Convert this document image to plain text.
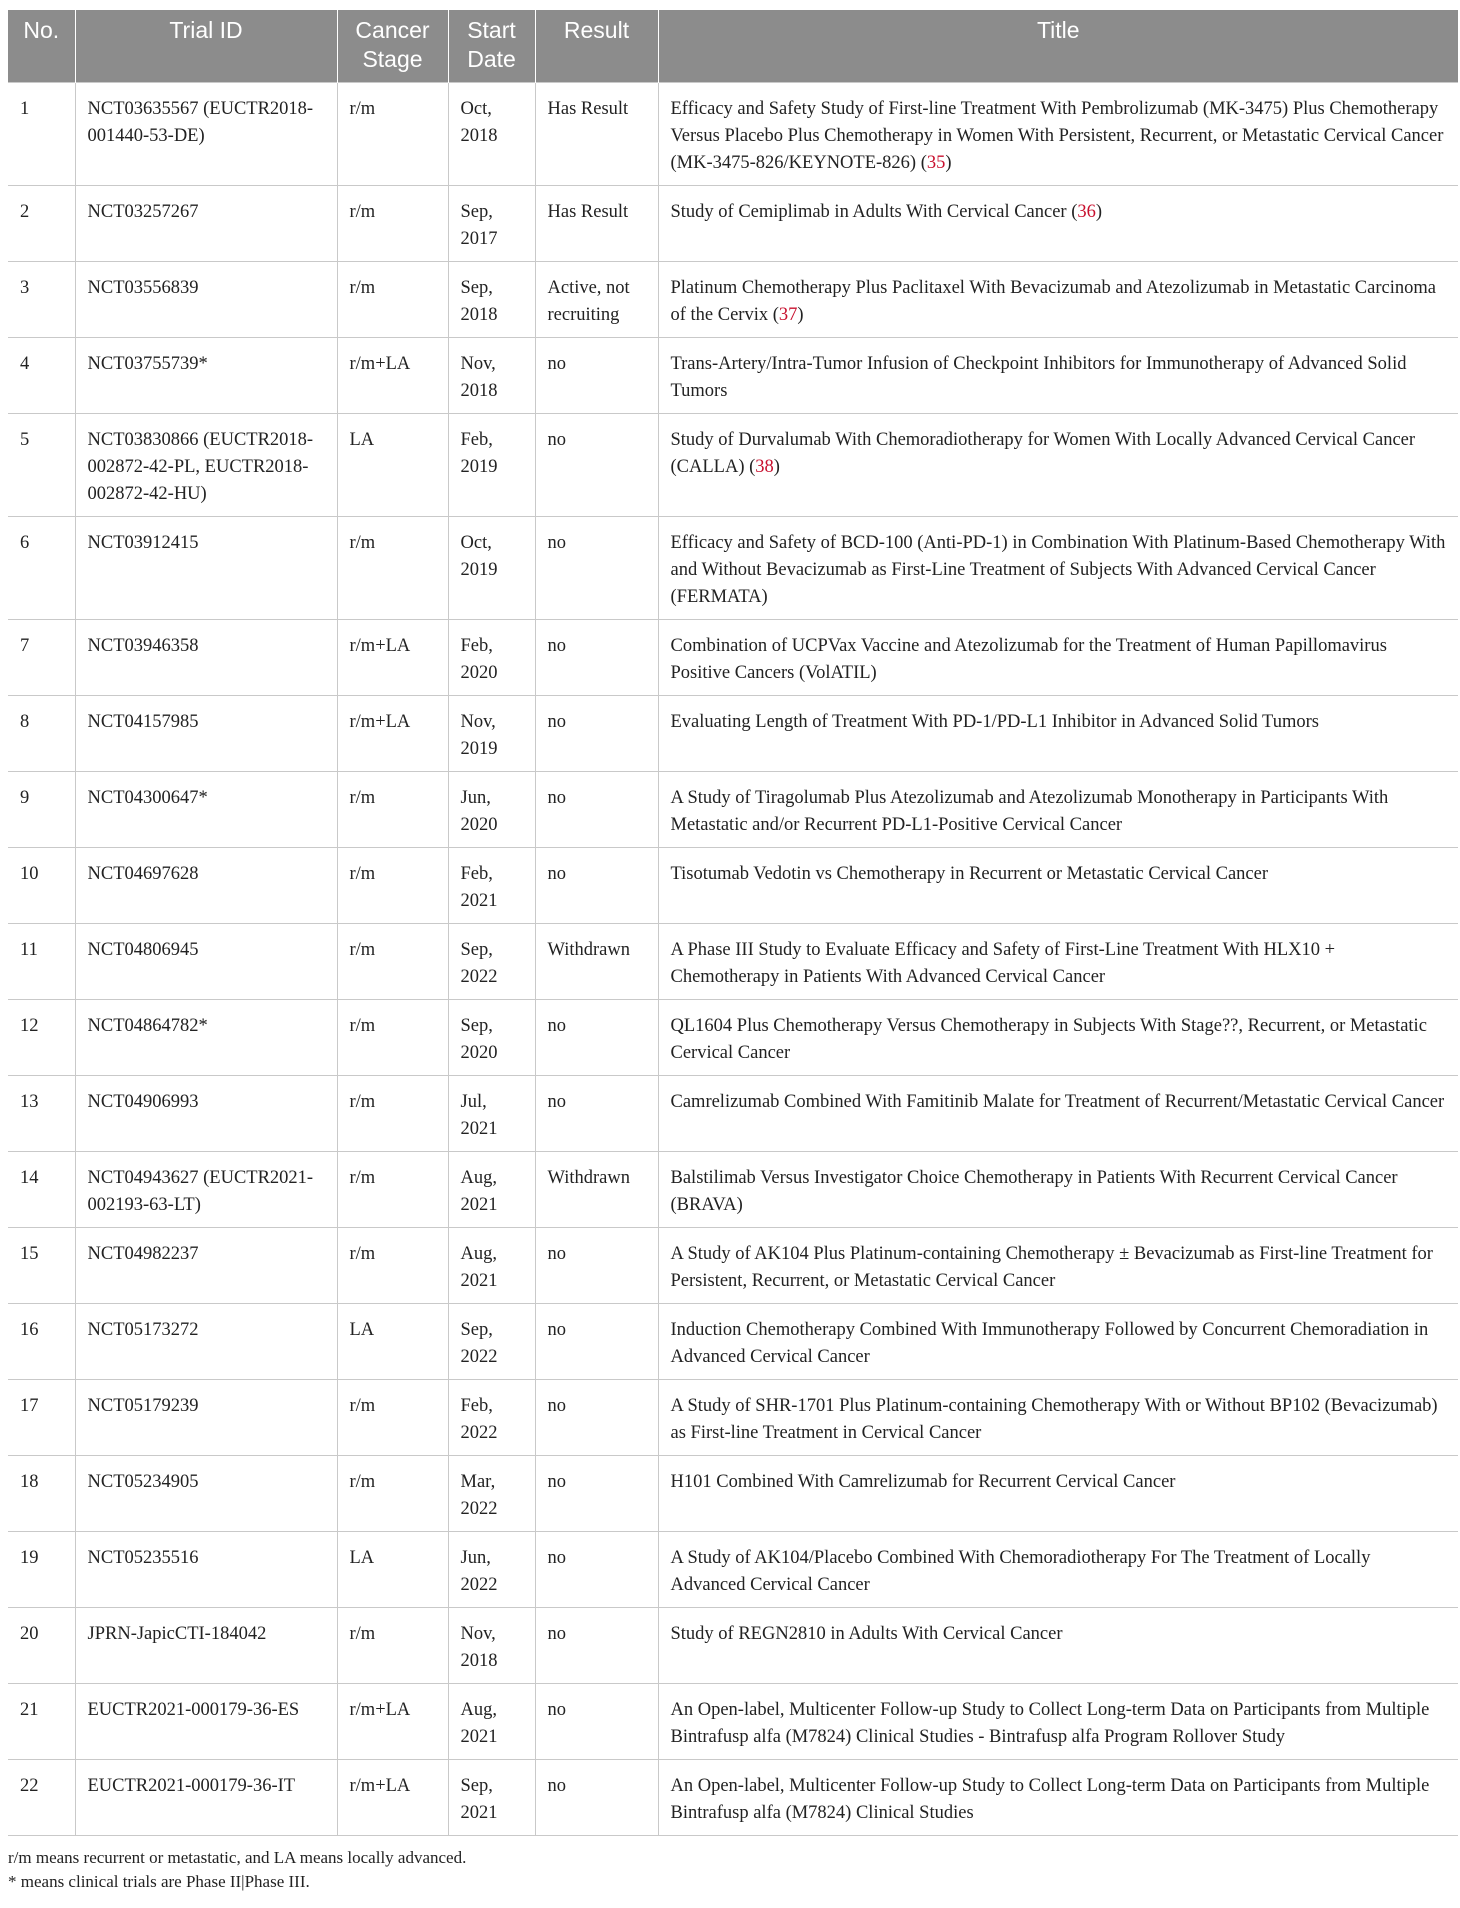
No.	Trial ID	Cancer Stage	Start Date	Result	Title
1	NCT03635567 (EUCTR2018-001440-53-DE)	r/m	Oct, 2018	Has Result	Efficacy and Safety Study of First-line Treatment With Pembrolizumab (MK-3475) Plus Chemotherapy Versus Placebo Plus Chemotherapy in Women With Persistent, Recurrent, or Metastatic Cervical Cancer (MK-3475-826/KEYNOTE-826) (35)
2	NCT03257267	r/m	Sep, 2017	Has Result	Study of Cemiplimab in Adults With Cervical Cancer (36)
3	NCT03556839	r/m	Sep, 2018	Active, not recruiting	Platinum Chemotherapy Plus Paclitaxel With Bevacizumab and Atezolizumab in Metastatic Carcinoma of the Cervix (37)
4	NCT03755739*	r/m+LA	Nov, 2018	no	Trans-Artery/Intra-Tumor Infusion of Checkpoint Inhibitors for Immunotherapy of Advanced Solid Tumors
5	NCT03830866 (EUCTR2018-002872-42-PL, EUCTR2018-002872-42-HU)	LA	Feb, 2019	no	Study of Durvalumab With Chemoradiotherapy for Women With Locally Advanced Cervical Cancer (CALLA) (38)
6	NCT03912415	r/m	Oct, 2019	no	Efficacy and Safety of BCD-100 (Anti-PD-1) in Combination With Platinum-Based Chemotherapy With and Without Bevacizumab as First-Line Treatment of Subjects With Advanced Cervical Cancer (FERMATA)
7	NCT03946358	r/m+LA	Feb, 2020	no	Combination of UCPVax Vaccine and Atezolizumab for the Treatment of Human Papillomavirus Positive Cancers (VolATIL)
8	NCT04157985	r/m+LA	Nov, 2019	no	Evaluating Length of Treatment With PD-1/PD-L1 Inhibitor in Advanced Solid Tumors
9	NCT04300647*	r/m	Jun, 2020	no	A Study of Tiragolumab Plus Atezolizumab and Atezolizumab Monotherapy in Participants With Metastatic and/or Recurrent PD-L1-Positive Cervical Cancer
10	NCT04697628	r/m	Feb, 2021	no	Tisotumab Vedotin vs Chemotherapy in Recurrent or Metastatic Cervical Cancer
11	NCT04806945	r/m	Sep, 2022	Withdrawn	A Phase III Study to Evaluate Efficacy and Safety of First-Line Treatment With HLX10 + Chemotherapy in Patients With Advanced Cervical Cancer
12	NCT04864782*	r/m	Sep, 2020	no	QL1604 Plus Chemotherapy Versus Chemotherapy in Subjects With Stage??, Recurrent, or Metastatic Cervical Cancer
13	NCT04906993	r/m	Jul, 2021	no	Camrelizumab Combined With Famitinib Malate for Treatment of Recurrent/Metastatic Cervical Cancer
14	NCT04943627 (EUCTR2021-002193-63-LT)	r/m	Aug, 2021	Withdrawn	Balstilimab Versus Investigator Choice Chemotherapy in Patients With Recurrent Cervical Cancer (BRAVA)
15	NCT04982237	r/m	Aug, 2021	no	A Study of AK104 Plus Platinum-containing Chemotherapy ± Bevacizumab as First-line Treatment for Persistent, Recurrent, or Metastatic Cervical Cancer
16	NCT05173272	LA	Sep, 2022	no	Induction Chemotherapy Combined With Immunotherapy Followed by Concurrent Chemoradiation in Advanced Cervical Cancer
17	NCT05179239	r/m	Feb, 2022	no	A Study of SHR-1701 Plus Platinum-containing Chemotherapy With or Without BP102 (Bevacizumab) as First-line Treatment in Cervical Cancer
18	NCT05234905	r/m	Mar, 2022	no	H101 Combined With Camrelizumab for Recurrent Cervical Cancer
19	NCT05235516	LA	Jun, 2022	no	A Study of AK104/Placebo Combined With Chemoradiotherapy For The Treatment of Locally Advanced Cervical Cancer
20	JPRN-JapicCTI-184042	r/m	Nov, 2018	no	Study of REGN2810 in Adults With Cervical Cancer
21	EUCTR2021-000179-36-ES	r/m+LA	Aug, 2021	no	An Open-label, Multicenter Follow-up Study to Collect Long-term Data on Participants from Multiple Bintrafusp alfa (M7824) Clinical Studies - Bintrafusp alfa Program Rollover Study
22	EUCTR2021-000179-36-IT	r/m+LA	Sep, 2021	no	An Open-label, Multicenter Follow-up Study to Collect Long-term Data on Participants from Multiple Bintrafusp alfa (M7824) Clinical Studies
r/m means recurrent or metastatic, and LA means locally advanced.
* means clinical trials are Phase II|Phase III.
